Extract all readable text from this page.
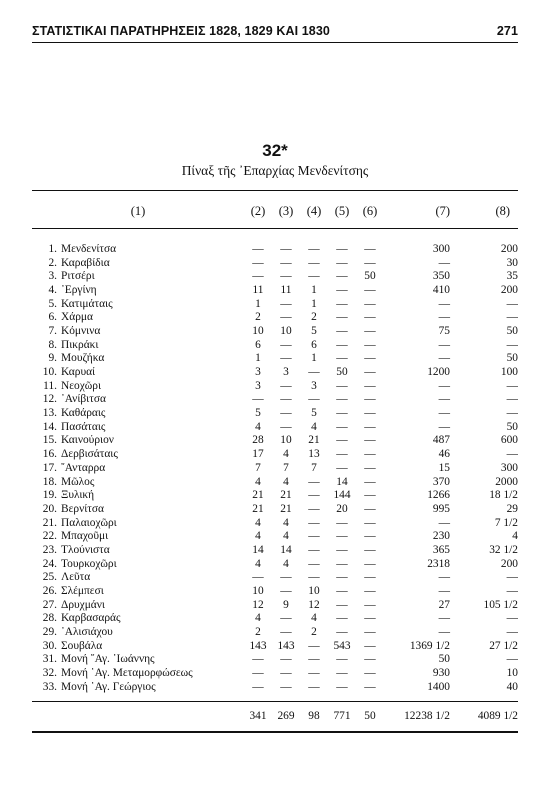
ΣΤΑΤΙΣΤΙΚΑΙ ΠΑΡΑΤΗΡΗΣΕΙΣ 1828, 1829 ΚΑΙ 1830	271
32*
Πίναξ τῆς ᾿Επαρχίας Μενδενίτσης
(1)	(2)	(3)	(4)	(5)	(6)	(7)	(8)
1.	Μενδενίτσα	—	—	—	—	—	300	200
2.	Καραβίδια	—	—	—	—	—	—	30
3.	Ριτσέρι	—	—	—	—	50	350	35
4.	᾿Εργίνη	11	11	1	—	—	410	200
5.	Κατιμάταις	1	—	1	—	—	—	—
6.	Χάρμα	2	—	2	—	—	—	—
7.	Κόμνινα	10	10	5	—	—	75	50
8.	Πικράκι	6	—	6	—	—	—	—
9.	Μουζήκα	1	—	1	—	—	—	50
10.	Καρυαί	3	3	—	50	—	1200	100
11.	Νεοχῶρι	3	—	3	—	—	—	—
12.	᾿Ανίβιτσα	—	—	—	—	—	—	—
13.	Καθάραις	5	—	5	—	—	—	—
14.	Πασάταις	4	—	4	—	—	—	50
15.	Καινούριον	28	10	21	—	—	487	600
16.	Δερβισάταις	17	4	13	—	—	46	—
17.	῎Ανταρρα	7	7	7	—	—	15	300
18.	Μῶλος	4	4	—	14	—	370	2000
19.	Ξυλική	21	21	—	144	—	1266	18 1/2
20.	Βερνίτσα	21	21	—	20	—	995	29
21.	Παλαιοχῶρι	4	4	—	—	—	—	7 1/2
22.	Μπαχοῦμι	4	4	—	—	—	230	4
23.	Τλούνιστα	14	14	—	—	—	365	32 1/2
24.	Τουρκοχῶρι	4	4	—	—	—	2318	200
25.	Λεῦτα	—	—	—	—	—	—	—
26.	Σλέμπεσι	10	—	10	—	—	—	—
27.	Δρυχμάνι	12	9	12	—	—	27	105 1/2
28.	Καρβασαράς	4	—	4	—	—	—	—
29.	᾿Αλισιάχου	2	—	2	—	—	—	—
30.	Σουβάλα	143	143	—	543	—	1369 1/2	27 1/2
31.	Μονή ῎Αγ. ᾿Ιωάννης	—	—	—	—	—	50	—
32.	Μονή ῾Αγ. Μεταμορφώσεως	—	—	—	—	—	930	10
33.	Μονή ῾Αγ. Γεώργιος	—	—	—	—	—	1400	40
	341	269	98	771	50	12238 1/2	4089 1/2
